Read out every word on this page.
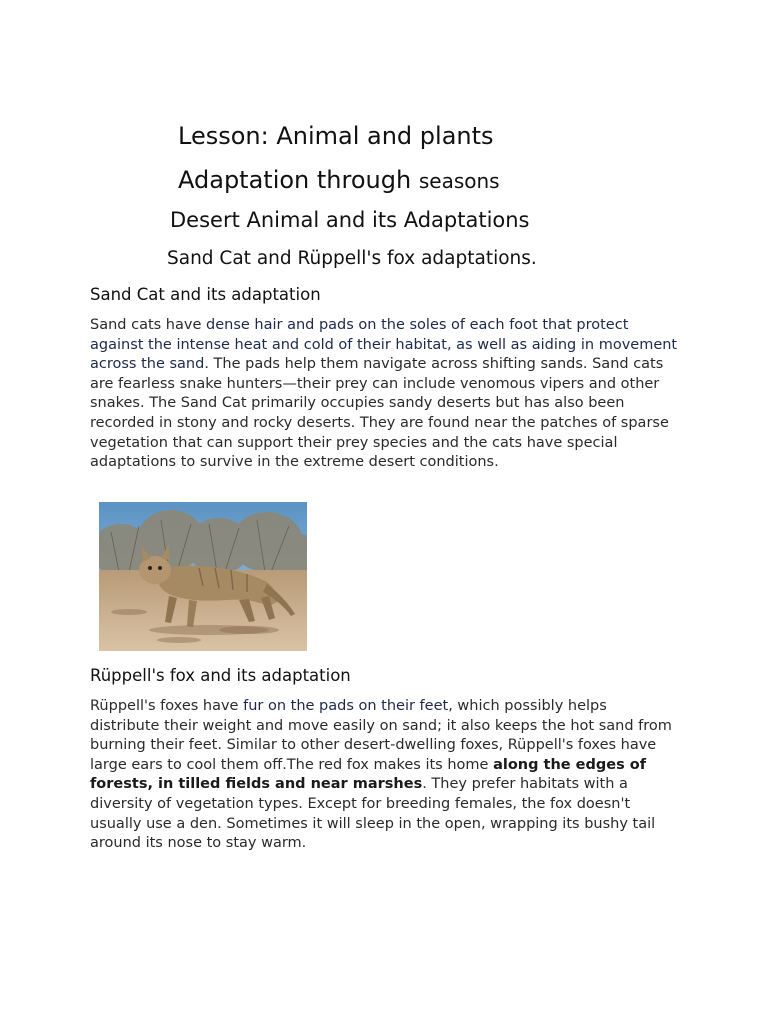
Lesson: Animal and plants
Adaptation through seasons
Desert Animal and its Adaptations
Sand Cat and Rüppell's fox adaptations.
Sand Cat and its adaptation

Sand cats have dense hair and pads on the soles of each foot that protect against the intense heat and cold of their habitat, as well as aiding in movement across the sand. The pads help them navigate across shifting sands. Sand cats are fearless snake hunters—their prey can include venomous vipers and other snakes. The Sand Cat primarily occupies sandy deserts but has also been recorded in stony and rocky deserts. They are found near the patches of sparse vegetation that can support their prey species and the cats have special adaptations to survive in the extreme desert conditions.

Rüppell's fox and its adaptation

Rüppell's foxes have fur on the pads on their feet, which possibly helps distribute their weight and move easily on sand; it also keeps the hot sand from burning their feet. Similar to other desert-dwelling foxes, Rüppell's foxes have large ears to cool them off.The red fox makes its home along the edges of forests, in tilled fields and near marshes. They prefer habitats with a diversity of vegetation types. Except for breeding females, the fox doesn't usually use a den. Sometimes it will sleep in the open, wrapping its bushy tail around its nose to stay warm.
